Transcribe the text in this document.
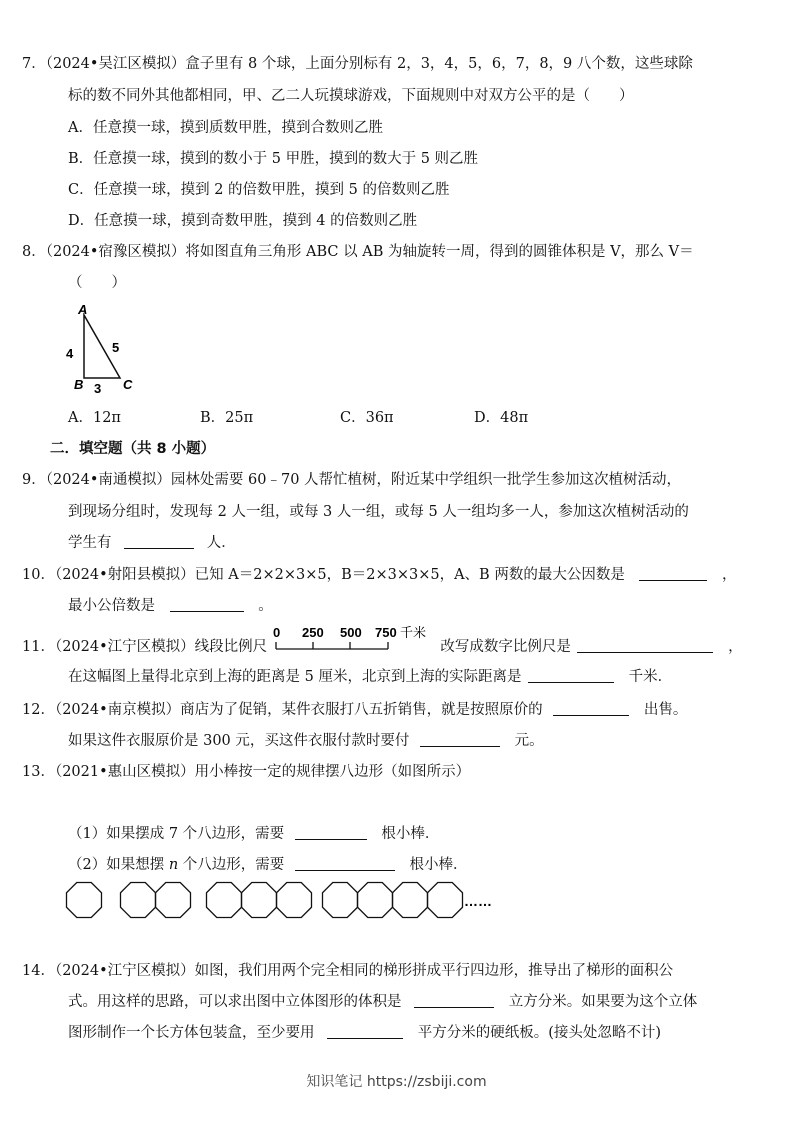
7．（2024•吴江区模拟）盒子里有 8 个球，上面分别标有 2，3，4，5，6，7，8，9 八个数，这些球除
标的数不同外其他都相同，甲、乙二人玩摸球游戏，下面规则中对双方公平的是（　　）
A．任意摸一球，摸到质数甲胜，摸到合数则乙胜
B．任意摸一球，摸到的数小于 5 甲胜，摸到的数大于 5 则乙胜
C．任意摸一球，摸到 2 的倍数甲胜，摸到 5 的倍数则乙胜
D．任意摸一球，摸到奇数甲胜，摸到 4 的倍数则乙胜
8．（2024•宿豫区模拟）将如图直角三角形 ABC 以 AB 为轴旋转一周，得到的圆锥体积是 V，那么 V＝
（　　）
A
B	C
4
3
5
A．12π	B．25π	C．36π	D．48π
二．填空题（共 8 小题）
9．（2024•南通模拟）园林处需要 60﹣70 人帮忙植树，附近某中学组织一批学生参加这次植树活动，
到现场分组时，发现每 2 人一组，或每 3 人一组，或每 5 人一组均多一人，参加这次植树活动的
学生有	人．
10．（2024•射阳县模拟）已知 A＝2×2×3×5，B＝2×3×3×5，A、B 两数的最大公因数是	，
最小公倍数是	。
11．（2024•江宁区模拟）线段比例尺
0 250 500 750 千米
改写成数字比例尺是	，
在这幅图上量得北京到上海的距离是 5 厘米，北京到上海的实际距离是	千米．
12．（2024•南京模拟）商店为了促销，某件衣服打八五折销售，就是按照原价的	出售。
如果这件衣服原价是 300 元，买这件衣服付款时要付	元。
13．（2021•惠山区模拟）用小棒按一定的规律摆八边形（如图所示）
（1）如果摆成 7 个八边形，需要	根小棒．
（2）如果想摆 n 个八边形，需要	根小棒．
……
14．（2024•江宁区模拟）如图，我们用两个完全相同的梯形拼成平行四边形，推导出了梯形的面积公
式。用这样的思路，可以求出图中立体图形的体积是	立方分米。如果要为这个立体
图形制作一个长方体包装盒，至少要用	平方分米的硬纸板。(接头处忽略不计)
知识笔记 https://zsbiji.com
